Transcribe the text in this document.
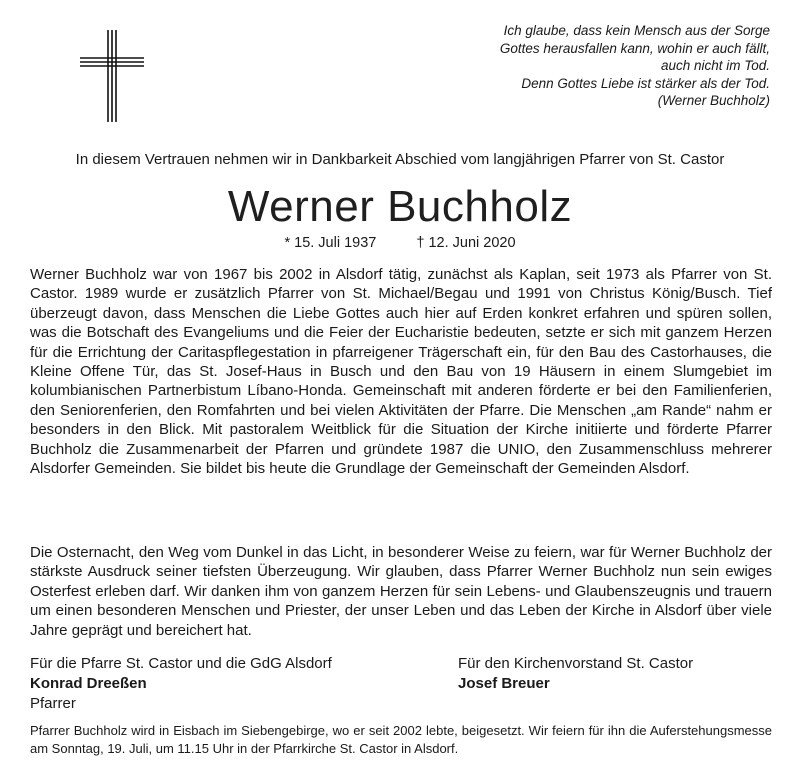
Ich glaube, dass kein Mensch aus der Sorge
Gottes herausfallen kann, wohin er auch fällt,
auch nicht im Tod.
Denn Gottes Liebe ist stärker als der Tod.
(Werner Buchholz)
In diesem Vertrauen nehmen wir in Dankbarkeit Abschied vom langjährigen Pfarrer von St. Castor
Werner Buchholz
* 15. Juli 1937	† 12. Juni 2020
Werner Buchholz war von 1967 bis 2002 in Alsdorf tätig, zunächst als Kaplan, seit 1973 als Pfarrer von St. Castor. 1989 wurde er zusätzlich Pfarrer von St. Michael/Begau und 1991 von Christus König/Busch. Tief überzeugt davon, dass Menschen die Liebe Gottes auch hier auf Erden konkret erfahren und spüren sollen, was die Botschaft des Evangeliums und die Feier der Eucharistie bedeuten, setzte er sich mit ganzem Herzen für die Errichtung der Caritaspflegestation in pfarreigener Trägerschaft ein, für den Bau des Castorhauses, die Kleine Offene Tür, das St. Josef-Haus in Busch und den Bau von 19 Häusern in einem Slumgebiet im kolumbianischen Partnerbistum Líbano-Honda. Gemeinschaft mit anderen förderte er bei den Familienferien, den Seniorenferien, den Romfahrten und bei vielen Aktivitäten der Pfarre. Die Menschen „am Rande“ nahm er besonders in den Blick. Mit pastoralem Weitblick für die Situation der Kirche initiierte und förderte Pfarrer Buchholz die Zusammenarbeit der Pfarren und gründete 1987 die UNIO, den Zusammenschluss mehrerer Alsdorfer Gemeinden. Sie bildet bis heute die Grundlage der Gemeinschaft der Gemeinden Alsdorf.
Die Osternacht, den Weg vom Dunkel in das Licht, in besonderer Weise zu feiern, war für Werner Buchholz der stärkste Ausdruck seiner tiefsten Überzeugung. Wir glauben, dass Pfarrer Werner Buchholz nun sein ewiges Osterfest erleben darf. Wir danken ihm von ganzem Herzen für sein Lebens- und Glaubenszeugnis und trauern um einen besonderen Menschen und Priester, der unser Leben und das Leben der Kirche in Alsdorf über viele Jahre geprägt und bereichert hat.
Für die Pfarre St. Castor und die GdG Alsdorf
Konrad Dreeßen
Pfarrer
Für den Kirchenvorstand St. Castor
Josef Breuer
Pfarrer Buchholz wird in Eisbach im Siebengebirge, wo er seit 2002 lebte, beigesetzt. Wir feiern für ihn die Auferstehungsmesse am Sonntag, 19. Juli, um 11.15 Uhr in der Pfarrkirche St. Castor in Alsdorf.
